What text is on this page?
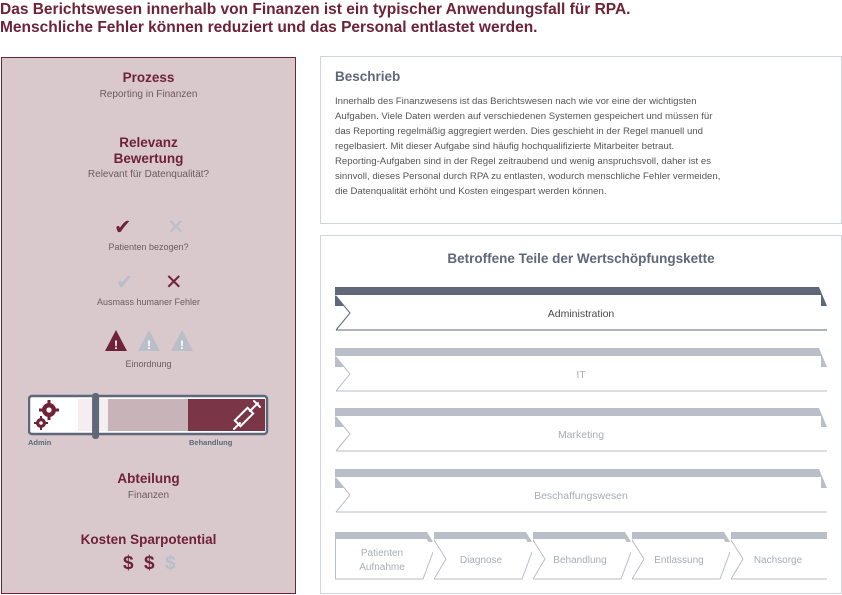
Das Berichtswesen innerhalb von Finanzen ist ein typischer Anwendungsfall für RPA.
Menschliche Fehler können reduziert und das Personal entlastet werden.
Prozess
Reporting in Finanzen
Relevanz
Bewertung
Relevant für Datenqualität?
✔ ✕
Patienten bezogen?
✔ ✕
Ausmass humaner Fehler
! ! !
Einordnung
Admin	Behandlung
Abteilung
Finanzen
Kosten Sparpotential
$ $ $
Beschrieb

Innerhalb des Finanzwesens ist das Berichtswesen nach wie vor eine der wichtigsten
Aufgaben. Viele Daten werden auf verschiedenen Systemen gespeichert und müssen für
das Reporting regelmäßig aggregiert werden. Dies geschieht in der Regel manuell und
regelbasiert. Mit dieser Aufgabe sind häufig hochqualifizierte Mitarbeiter betraut.
Reporting-Aufgaben sind in der Regel zeitraubend und wenig anspruchsvoll, daher ist es
sinnvoll, dieses Personal durch RPA zu entlasten, wodurch menschliche Fehler vermeiden,
die Datenqualität erhöht und Kosten eingespart werden können.

Betroffene Teile der Wertschöpfungskette
Administration
IT
Marketing
Beschaffungswesen
Patienten
Aufnahme
Diagnose	Behandlung	Entlassung	Nachsorge
